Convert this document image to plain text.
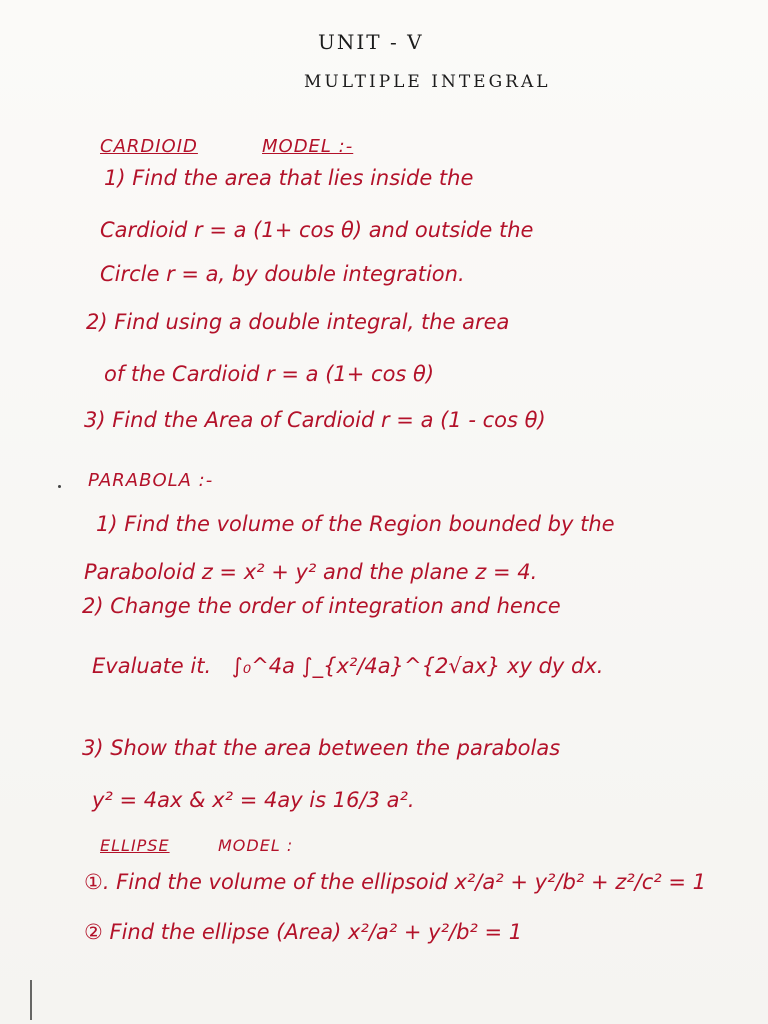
UNIT - V
MULTIPLE INTEGRAL
CARDIOID	MODEL :-
1) Find the area that lies inside the
Cardioid r = a (1+ cos θ) and outside the
Circle r = a, by double integration.
2) Find using a double integral, the area
of the Cardioid r = a (1+ cos θ)
3) Find the Area of Cardioid r = a (1 - cos θ)
PARABOLA :-
1) Find the volume of the Region bounded by the
Paraboloid z = x² + y² and the plane z = 4.
2) Change the order of integration and hence
Evaluate it. ∫₀^4a ∫_{x²/4a}^{2√ax} xy dy dx.
3) Show that the area between the parabolas
y² = 4ax & x² = 4ay is 16/3 a².
ELLIPSE	MODEL :
①. Find the volume of the ellipsoid x²/a² + y²/b² + z²/c² = 1
② Find the ellipse (Area) x²/a² + y²/b² = 1
